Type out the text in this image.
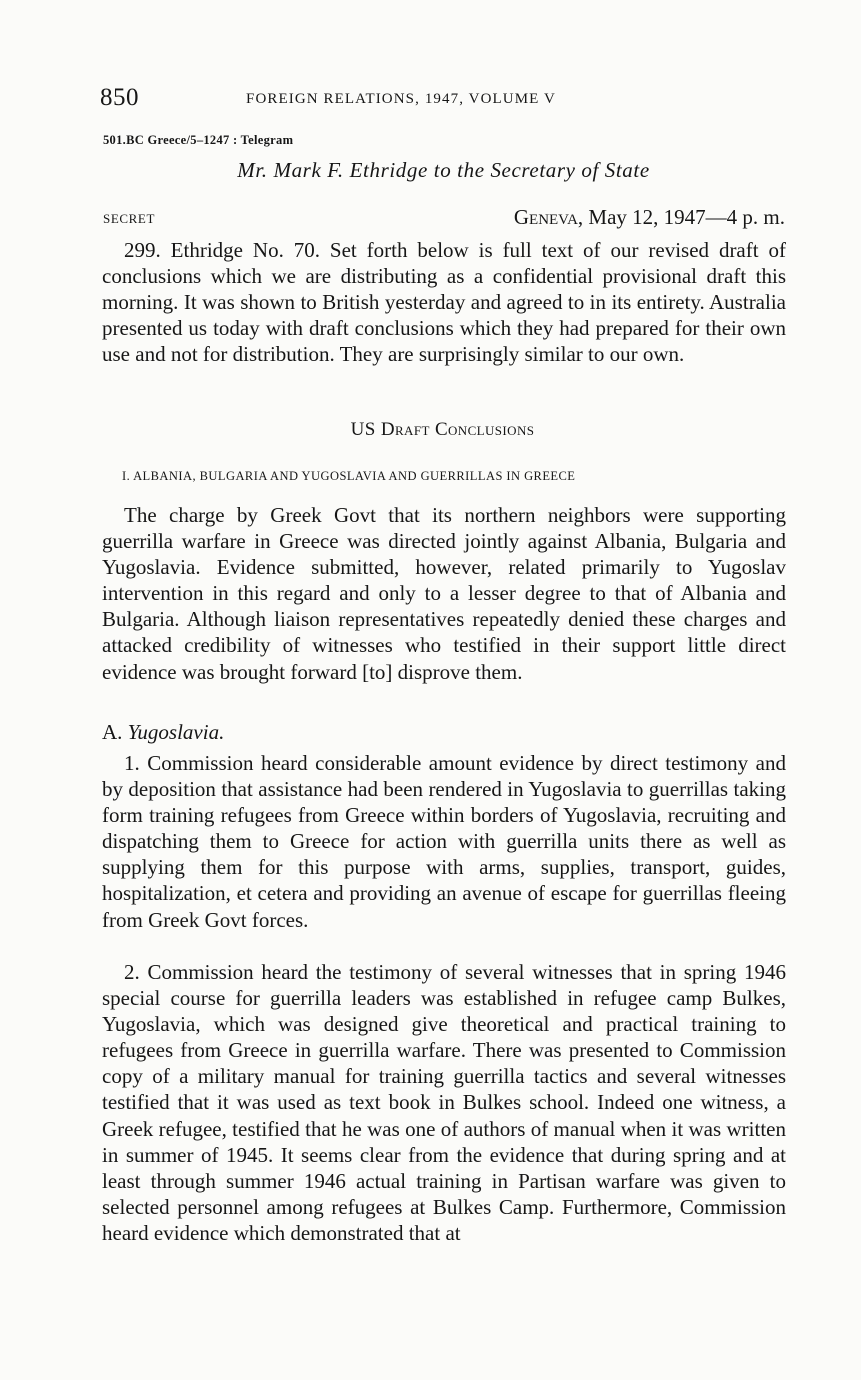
850	FOREIGN RELATIONS, 1947, VOLUME V
501.BC Greece/5–1247 : Telegram
Mr. Mark F. Ethridge to the Secretary of State
SECRET	Geneva, May 12, 1947—4 p. m.

299. Ethridge No. 70. Set forth below is full text of our revised draft of conclusions which we are distributing as a confidential provisional draft this morning. It was shown to British yesterday and agreed to in its entirety. Australia presented us today with draft conclusions which they had prepared for their own use and not for distribution. They are surprisingly similar to our own.

US Draft Conclusions
I. ALBANIA, BULGARIA AND YUGOSLAVIA AND GUERRILLAS IN GREECE

The charge by Greek Govt that its northern neighbors were supporting guerrilla warfare in Greece was directed jointly against Albania, Bulgaria and Yugoslavia. Evidence submitted, however, related primarily to Yugoslav intervention in this regard and only to a lesser degree to that of Albania and Bulgaria. Although liaison representatives repeatedly denied these charges and attacked credibility of witnesses who testified in their support little direct evidence was brought forward [to] disprove them.

A. Yugoslavia.

1. Commission heard considerable amount evidence by direct testimony and by deposition that assistance had been rendered in Yugoslavia to guerrillas taking form training refugees from Greece within borders of Yugoslavia, recruiting and dispatching them to Greece for action with guerrilla units there as well as supplying them for this purpose with arms, supplies, transport, guides, hospitalization, et cetera and providing an avenue of escape for guerrillas fleeing from Greek Govt forces.

2. Commission heard the testimony of several witnesses that in spring 1946 special course for guerrilla leaders was established in refugee camp Bulkes, Yugoslavia, which was designed give theoretical and practical training to refugees from Greece in guerrilla warfare. There was presented to Commission copy of a military manual for training guerrilla tactics and several witnesses testified that it was used as text book in Bulkes school. Indeed one witness, a Greek refugee, testified that he was one of authors of manual when it was written in summer of 1945. It seems clear from the evidence that during spring and at least through summer 1946 actual training in Partisan warfare was given to selected personnel among refugees at Bulkes Camp. Furthermore, Commission heard evidence which demonstrated that at
